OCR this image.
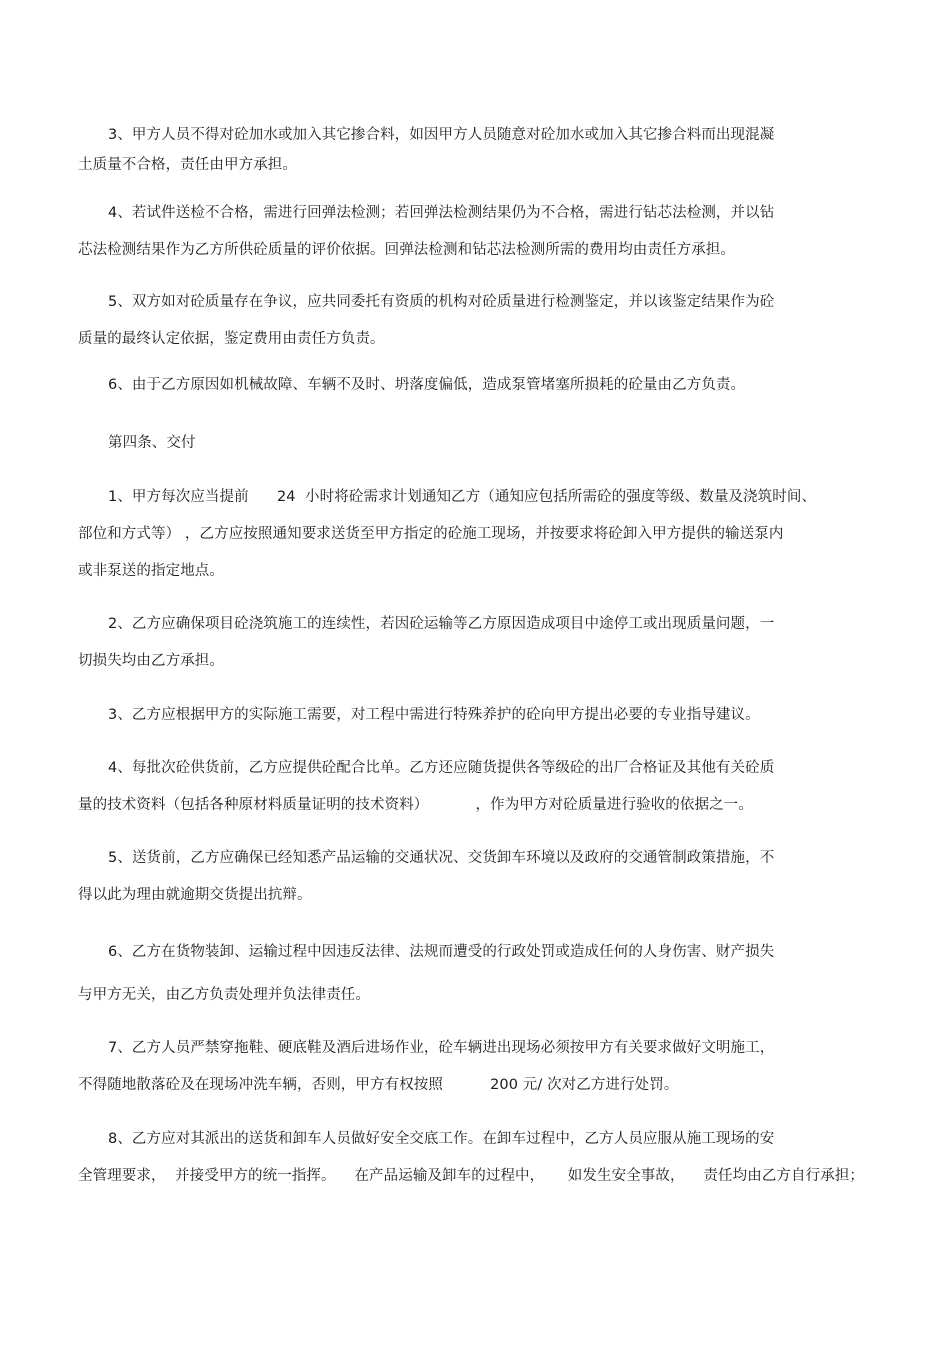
3、甲方人员不得对砼加水或加入其它掺合料，如因甲方人员随意对砼加水或加入其它掺合料而出现混凝
土质量不合格，责任由甲方承担。
4、若试件送检不合格，需进行回弹法检测；若回弹法检测结果仍为不合格，需进行钻芯法检测，并以钻
芯法检测结果作为乙方所供砼质量的评价依据。回弹法检测和钻芯法检测所需的费用均由责任方承担。
5、双方如对砼质量存在争议，应共同委托有资质的机构对砼质量进行检测鉴定，并以该鉴定结果作为砼
质量的最终认定依据，鉴定费用由责任方负责。
6、由于乙方原因如机械故障、车辆不及时、坍落度偏低，造成泵管堵塞所损耗的砼量由乙方负责。
第四条、交付
1、甲方每次应当提前      24  小时将砼需求计划通知乙方（通知应包括所需砼的强度等级、数量及浇筑时间、
部位和方式等） ，乙方应按照通知要求送货至甲方指定的砼施工现场，并按要求将砼卸入甲方提供的输送泵内
或非泵送的指定地点。
2、乙方应确保项目砼浇筑施工的连续性，若因砼运输等乙方原因造成项目中途停工或出现质量问题，一
切损失均由乙方承担。
3、乙方应根据甲方的实际施工需要，对工程中需进行特殊养护的砼向甲方提出必要的专业指导建议。
4、每批次砼供货前，乙方应提供砼配合比单。乙方还应随货提供各等级砼的出厂合格证及其他有关砼质
量的技术资料（包括各种原材料质量证明的技术资料）          ，作为甲方对砼质量进行验收的依据之一。
5、送货前，乙方应确保已经知悉产品运输的交通状况、交货卸车环境以及政府的交通管制政策措施，不
得以此为理由就逾期交货提出抗辩。
6、乙方在货物装卸、运输过程中因违反法律、法规而遭受的行政处罚或造成任何的人身伤害、财产损失
与甲方无关，由乙方负责处理并负法律责任。
7、乙方人员严禁穿拖鞋、硬底鞋及酒后进场作业，砼车辆进出现场必须按甲方有关要求做好文明施工，
不得随地散落砼及在现场冲洗车辆，否则，甲方有权按照          200 元/ 次对乙方进行处罚。
8、乙方应对其派出的送货和卸车人员做好安全交底工作。在卸车过程中，乙方人员应服从施工现场的安
全管理要求，  并接受甲方的统一指挥。    在产品运输及卸车的过程中，     如发生安全事故，    责任均由乙方自行承担；
